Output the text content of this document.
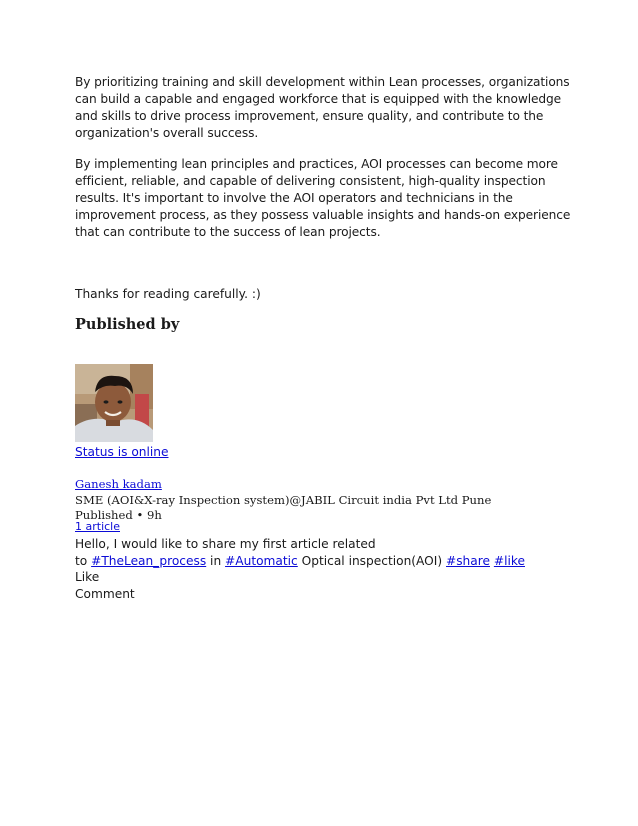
By prioritizing training and skill development within Lean processes, organizations can build a capable and engaged workforce that is equipped with the knowledge and skills to drive process improvement, ensure quality, and contribute to the organization's overall success.

By implementing lean principles and practices, AOI processes can become more efficient, reliable, and capable of delivering consistent, high-quality inspection results. It's important to involve the AOI operators and technicians in the improvement process, as they possess valuable insights and hands-on experience that can contribute to the success of lean projects.

Thanks for reading carefully. :)

Published by
Status is online
Ganesh kadam
SME (AOI&X-ray Inspection system)@JABIL Circuit india Pvt Ltd Pune
Published • 9h
1 article
Hello, I would like to share my first article related
to #TheLean_process in #Automatic Optical inspection(AOI) #share #like
Like
Comment
